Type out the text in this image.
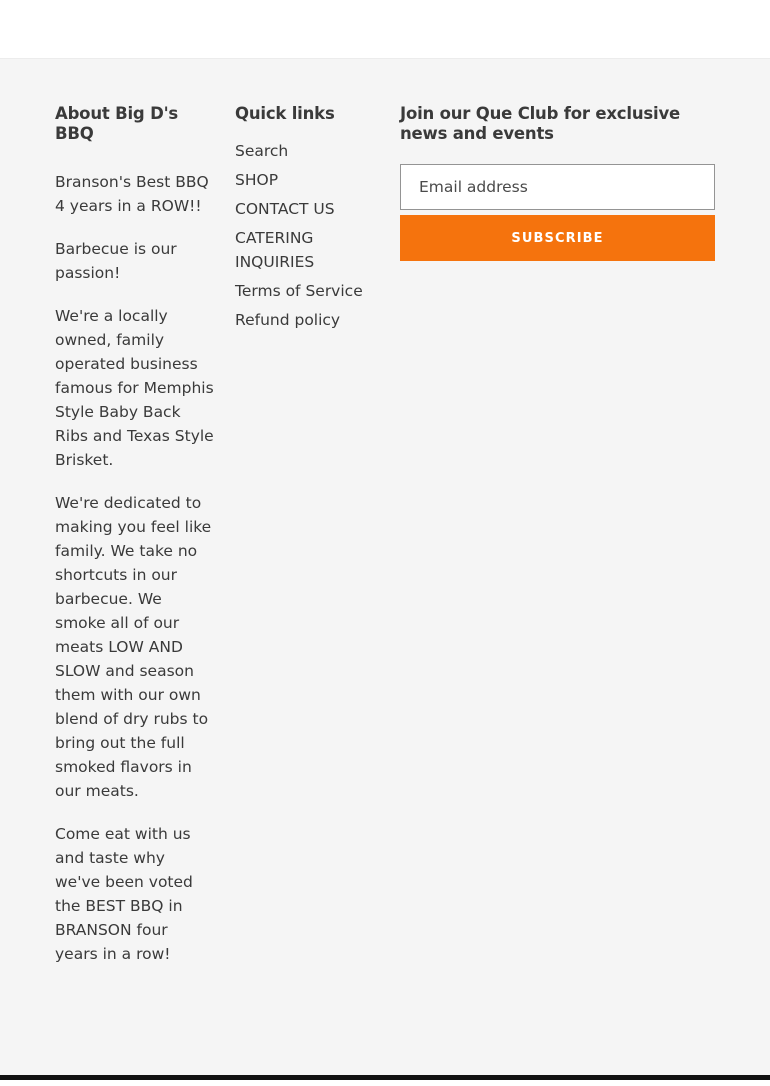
About Big D's BBQ

Branson's Best BBQ 4 years in a ROW!!

Barbecue is our passion!

We're a locally owned, family operated business famous for Memphis Style Baby Back Ribs and Texas Style Brisket.

We're dedicated to making you feel like family. We take no shortcuts in our barbecue. We smoke all of our meats LOW AND SLOW and season them with our own blend of dry rubs to bring out the full smoked flavors in our meats.

Come eat with us and taste why we've been voted the BEST BBQ in BRANSON four years in a row!

Quick links
Search
SHOP
CONTACT US
CATERING INQUIRIES
Terms of Service
Refund policy
Join our Que Club for exclusive news and events
Email address
SUBSCRIBE
